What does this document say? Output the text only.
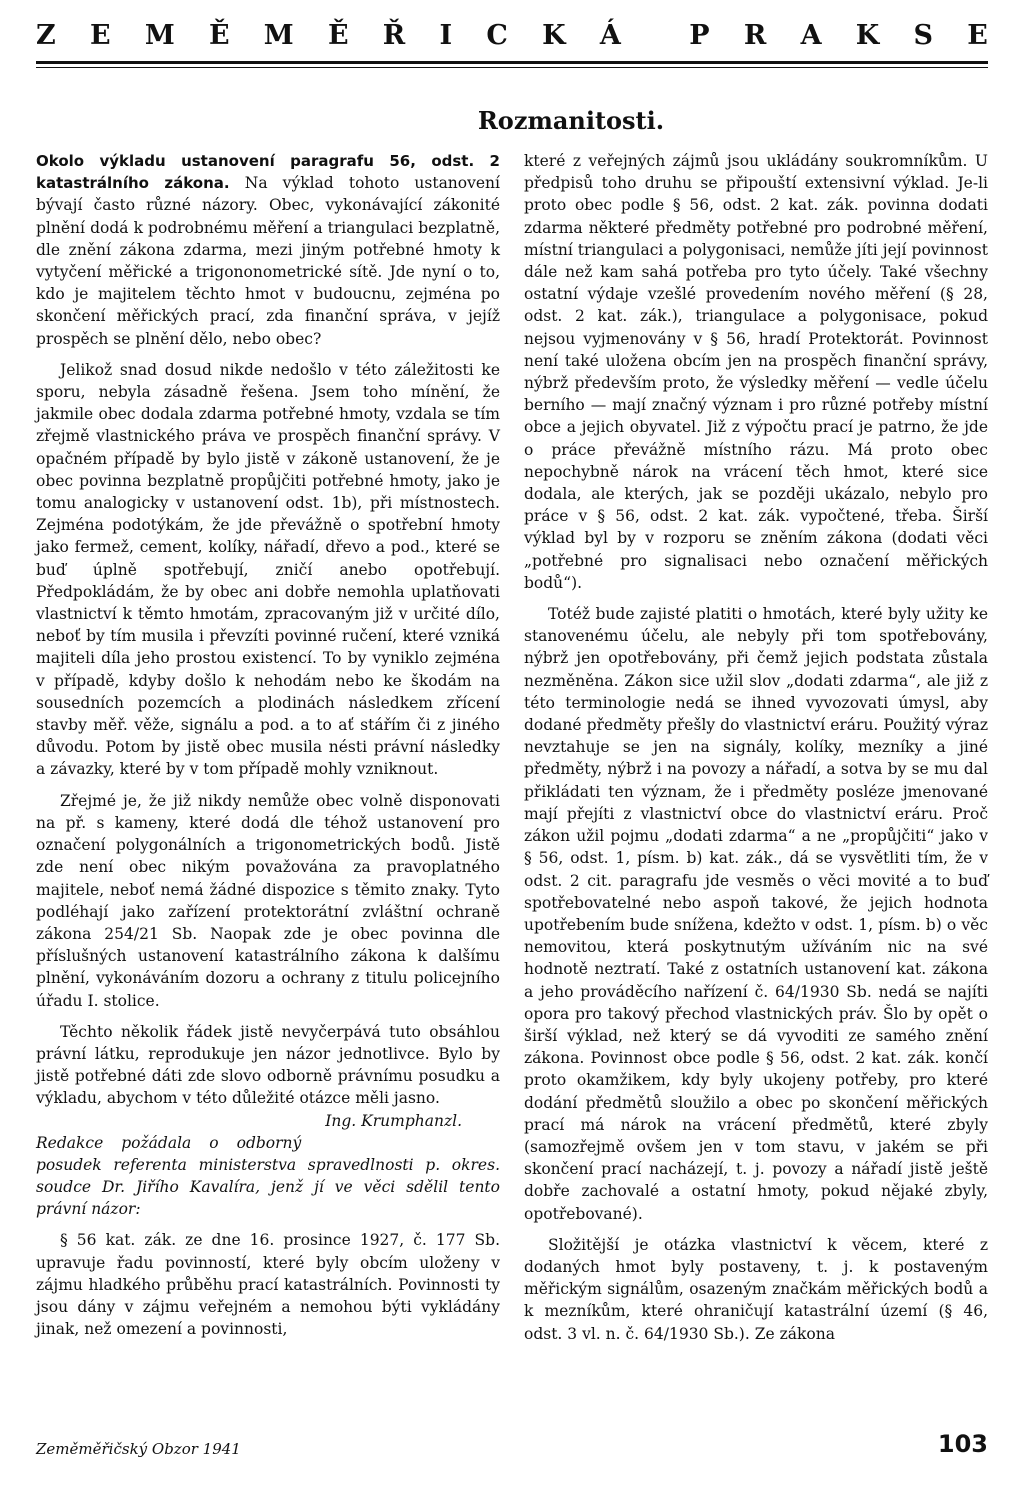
Z E M Ě M Ě Ř I C K Á	P R A K S E
Rozmanitosti.

Okolo výkladu ustanovení paragrafu 56, odst. 2 katastrálního zákona. Na výklad tohoto ustanovení bývají často různé názory. Obec, vykonávající zákonité plnění dodá k podrobnému měření a triangulaci bezplatně, dle znění zákona zdarma, mezi jiným potřebné hmoty k vytyčení měřické a trigononometrické sítě. Jde nyní o to, kdo je majitelem těchto hmot v budoucnu, zejména po skončení měřických prací, zda finanční správa, v jejíž prospěch se plnění dělo, nebo obec?

Jelikož snad dosud nikde nedošlo v této záležitosti ke sporu, nebyla zásadně řešena. Jsem toho mínění, že jakmile obec dodala zdarma potřebné hmoty, vzdala se tím zřejmě vlastnického práva ve prospěch finanční správy. V opačném případě by bylo jistě v zákoně ustanovení, že je obec povinna bezplatně propůjčiti potřebné hmoty, jako je tomu analogicky v ustanovení odst. 1b), při místnostech. Zejména podotýkám, že jde převážně o spotřební hmoty jako fermež, cement, kolíky, nářadí, dřevo a pod., které se buď úplně spotřebují, zničí anebo opotřebují. Předpokládám, že by obec ani dobře nemohla uplatňovati vlastnictví k těmto hmotám, zpracovaným již v určité dílo, neboť by tím musila i převzíti povinné ručení, které vzniká majiteli díla jeho prostou existencí. To by vyniklo zejména v případě, kdyby došlo k nehodám nebo ke škodám na sousedních pozemcích a plodinách následkem zřícení stavby měř. věže, signálu a pod. a to ať stářím či z jiného důvodu. Potom by jistě obec musila nésti právní následky a závazky, které by v tom případě mohly vzniknout.

Zřejmé je, že již nikdy nemůže obec volně disponovati na př. s kameny, které dodá dle téhož ustanovení pro označení polygonálních a trigonometrických bodů. Jistě zde není obec nikým považována za pravoplatného majitele, neboť nemá žádné dispozice s těmito znaky. Tyto podléhají jako zařízení protektorátní zvláštní ochraně zákona 254/21 Sb. Naopak zde je obec povinna dle příslušných ustanovení katastrálního zákona k dalšímu plnění, vykonáváním dozoru a ochrany z titulu policejního úřadu I. stolice.

Těchto několik řádek jistě nevyčerpává tuto obsáhlou právní látku, reprodukuje jen názor jednotlivce. Bylo by jistě potřebné dáti zde slovo odborně právnímu posudku a výkladu, abychom v této důležité otázce měli jasno.
Ing. Krumphanzl.

Redakce požádala o odborný posudek referenta ministerstva spravedlnosti p. okres. soudce Dr. Jiřího Kavalíra, jenž jí ve věci sdělil tento právní názor:

§ 56 kat. zák. ze dne 16. prosince 1927, č. 177 Sb. upravuje řadu povinností, které byly obcím uloženy v zájmu hladkého průběhu prací katastrálních. Povinnosti ty jsou dány v zájmu veřejném a nemohou býti vykládány jinak, než omezení a povinnosti,

které z veřejných zájmů jsou ukládány soukromníkům. U předpisů toho druhu se připouští extensivní výklad. Je-li proto obec podle § 56, odst. 2 kat. zák. povinna dodati zdarma některé předměty potřebné pro podrobné měření, místní triangulaci a polygonisaci, nemůže jíti její povinnost dále než kam sahá potřeba pro tyto účely. Také všechny ostatní výdaje vzešlé provedením nového měření (§ 28, odst. 2 kat. zák.), triangulace a polygonisace, pokud nejsou vyjmenovány v § 56, hradí Protektorát. Povinnost není také uložena obcím jen na prospěch finanční správy, nýbrž především proto, že výsledky měření — vedle účelu berního — mají značný význam i pro různé potřeby místní obce a jejich obyvatel. Již z výpočtu prací je patrno, že jde o práce převážně místního rázu. Má proto obec nepochybně nárok na vrácení těch hmot, které sice dodala, ale kterých, jak se později ukázalo, nebylo pro práce v § 56, odst. 2 kat. zák. vypočtené, třeba. Širší výklad byl by v rozporu se zněním zákona (dodati věci „potřebné pro signalisaci nebo označení měřických bodů“).

Totéž bude zajisté platiti o hmotách, které byly užity ke stanovenému účelu, ale nebyly při tom spotřebovány, nýbrž jen opotřebovány, při čemž jejich podstata zůstala nezměněna. Zákon sice užil slov „dodati zdarma“, ale již z této terminologie nedá se ihned vyvozovati úmysl, aby dodané předměty přešly do vlastnictví eráru. Použitý výraz nevztahuje se jen na signály, kolíky, mezníky a jiné předměty, nýbrž i na povozy a nářadí, a sotva by se mu dal přikládati ten význam, že i předměty posléze jmenované mají přejíti z vlastnictví obce do vlastnictví eráru. Proč zákon užil pojmu „dodati zdarma“ a ne „propůjčiti“ jako v § 56, odst. 1, písm. b) kat. zák., dá se vysvětliti tím, že v odst. 2 cit. paragrafu jde vesměs o věci movité a to buď spotřebovatelné nebo aspoň takové, že jejich hodnota upotřebením bude snížena, kdežto v odst. 1, písm. b) o věc nemovitou, která poskytnutým užíváním nic na své hodnotě neztratí. Také z ostatních ustanovení kat. zákona a jeho prováděcího nařízení č. 64/1930 Sb. nedá se najíti opora pro takový přechod vlastnických práv. Šlo by opět o širší výklad, než který se dá vyvoditi ze samého znění zákona. Povinnost obce podle § 56, odst. 2 kat. zák. končí proto okamžikem, kdy byly ukojeny potřeby, pro které dodání předmětů sloužilo a obec po skončení měřických prací má nárok na vrácení předmětů, které zbyly (samozřejmě ovšem jen v tom stavu, v jakém se při skončení prací nacházejí, t. j. povozy a nářadí jistě ještě dobře zachovalé a ostatní hmoty, pokud nějaké zbyly, opotřebované).

Složitější je otázka vlastnictví k věcem, které z dodaných hmot byly postaveny, t. j. k postaveným měřickým signálům, osazeným značkám měřických bodů a k mezníkům, které ohraničují katastrální území (§ 46, odst. 3 vl. n. č. 64/1930 Sb.). Ze zákona

Zeměměřičský Obzor 1941	103
